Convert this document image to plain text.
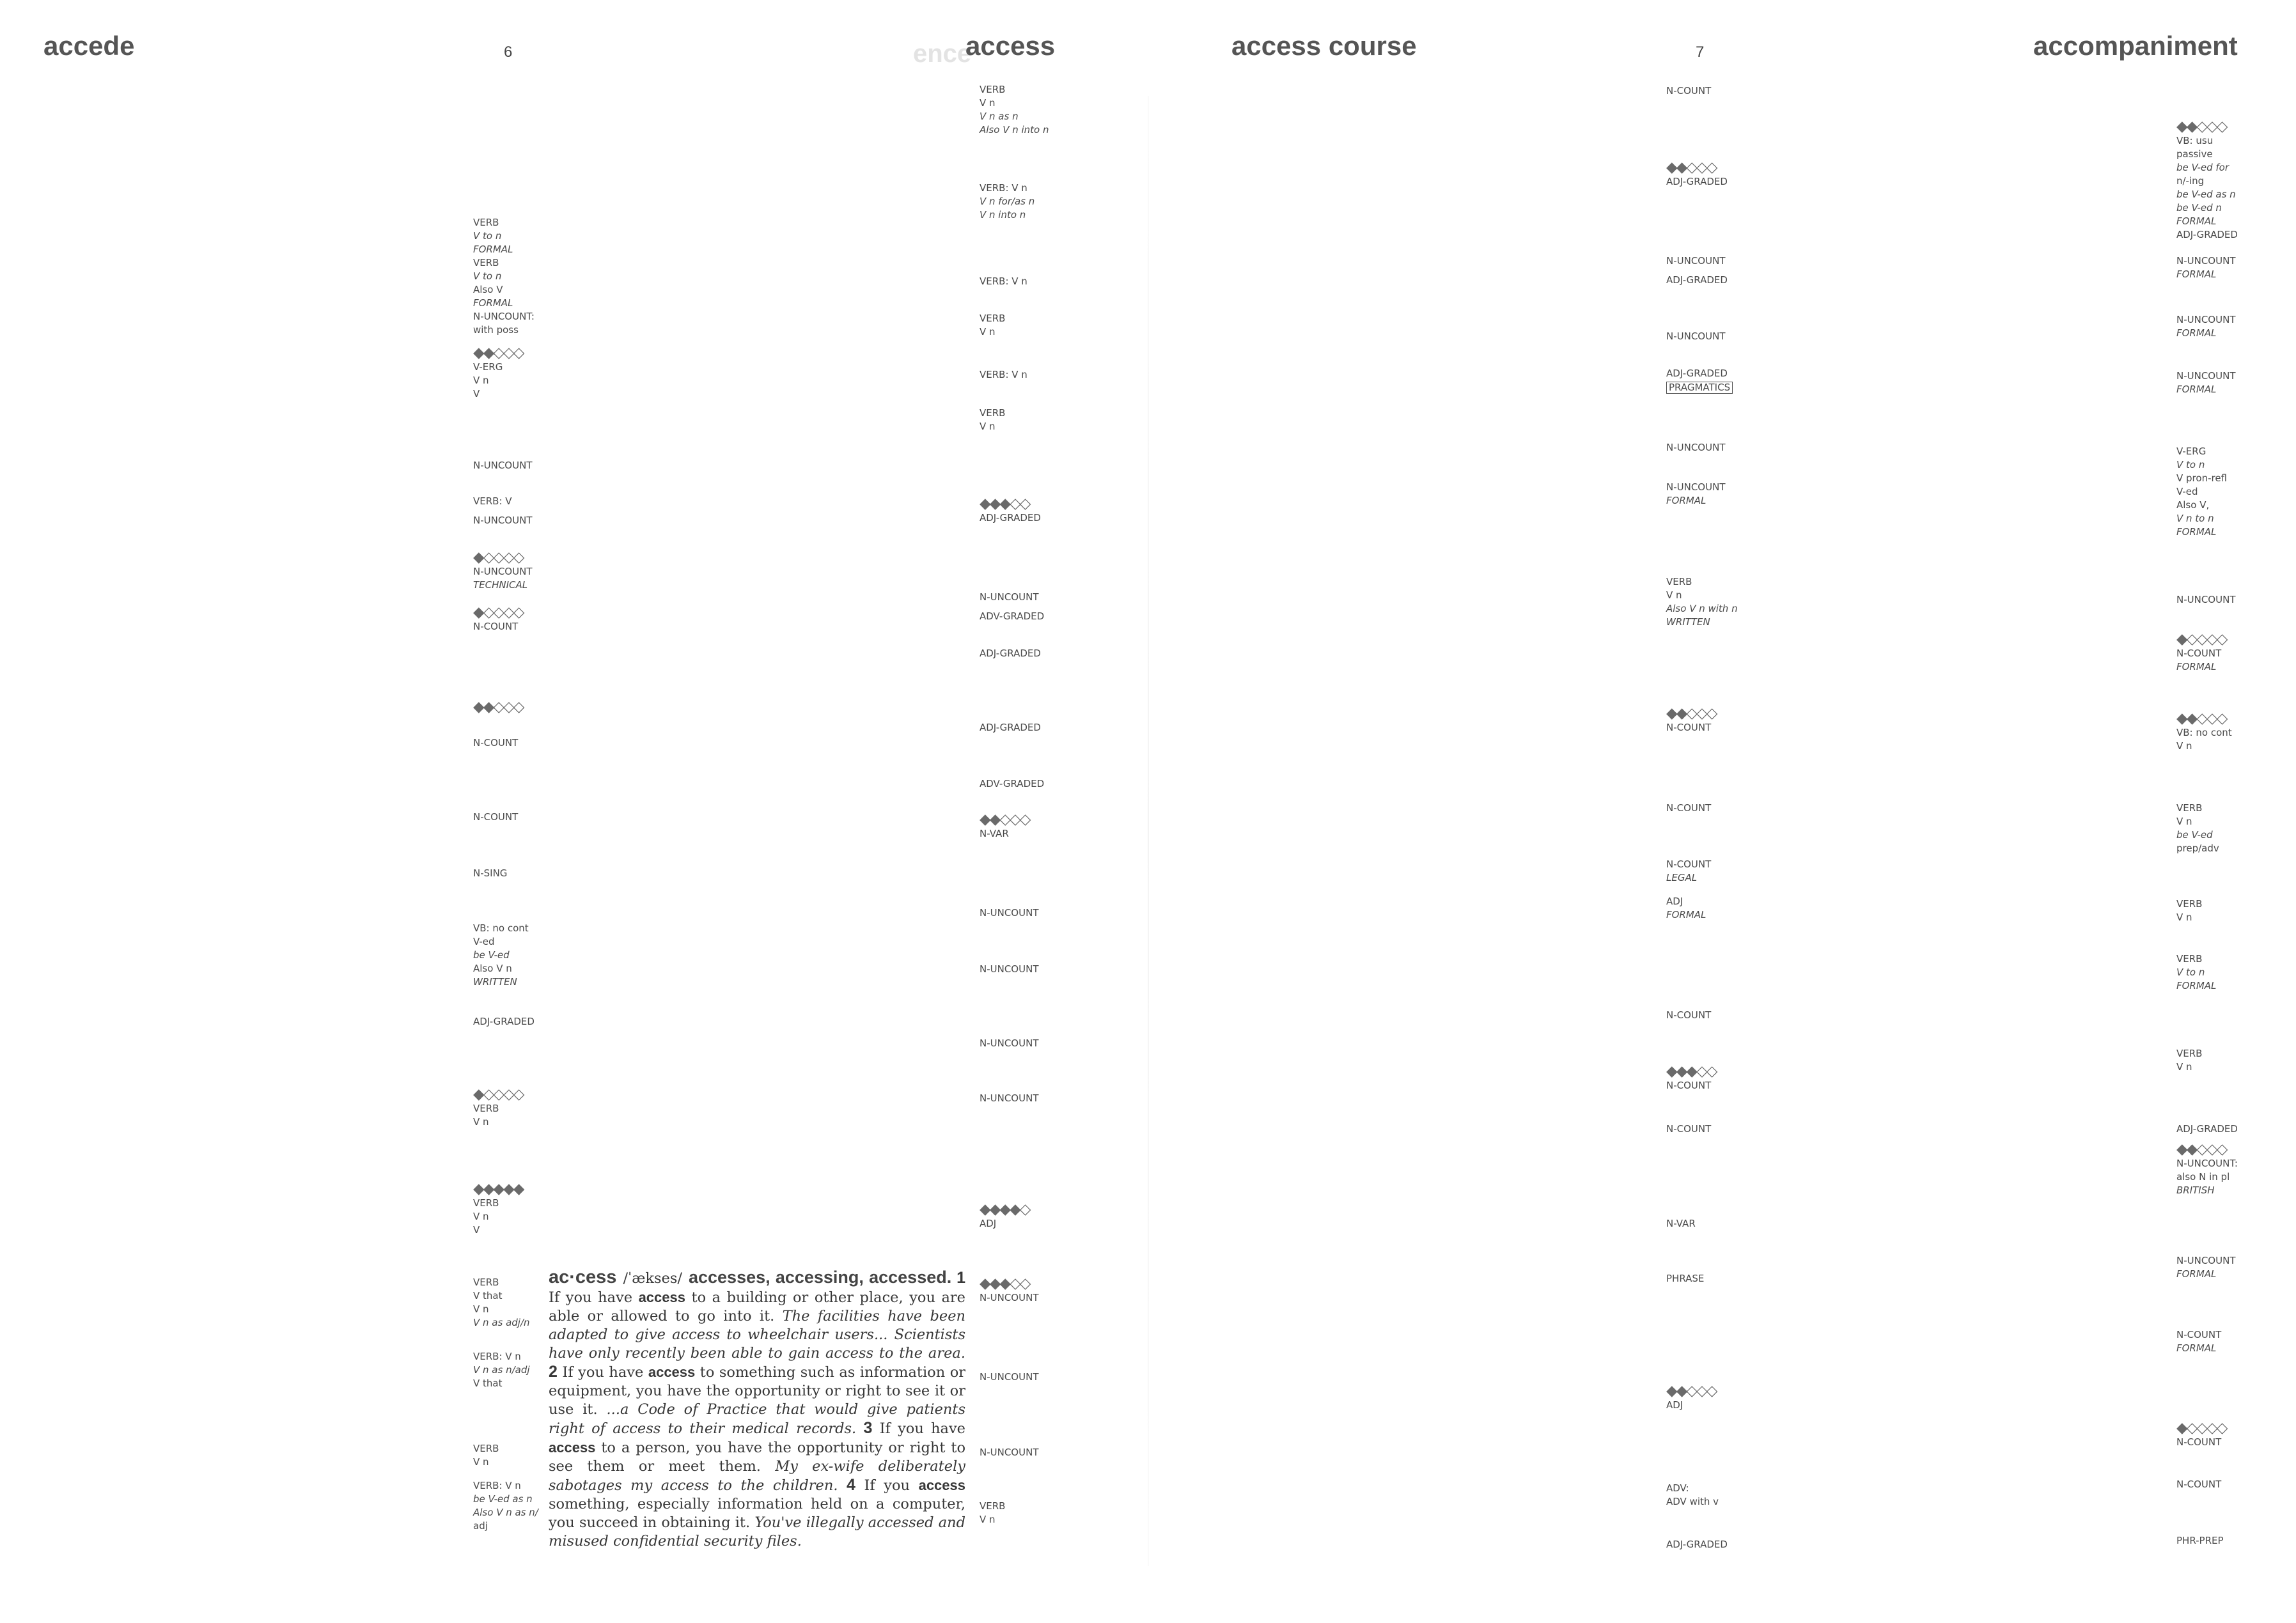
accede	6	ence
access	access course	7	accompaniment
VERB
V to n
FORMAL
VERB
V to n
Also V
FORMAL
N-UNCOUNT:
with poss
◆◆◇◇◇
V-ERG
V n
V
N-UNCOUNT
VERB: V
N-UNCOUNT
◆◇◇◇◇
N-UNCOUNT
TECHNICAL
◆◇◇◇◇
N-COUNT
◆◆◇◇◇
N-COUNT
N-COUNT
N-SING
VB: no cont
V-ed
be V-ed
Also V n
WRITTEN
ADJ-GRADED
◆◇◇◇◇
VERB
V n
◆◆◆◆◆
VERB
V n
V
VERB
V that
V n
V n as adj/n
VERB: V n
V n as n/adj
V that
VERB
V n
VERB: V n
be V-ed as n
Also V n as n/
adj
VERB
V n
V n as n
Also V n into n
VERB: V n
V n for/as n
V n into n
VERB: V n
VERB
V n
VERB: V n
VERB
V n
◆◆◆◇◇
ADJ-GRADED
N-UNCOUNT
ADV-GRADED
ADJ-GRADED
ADJ-GRADED
ADV-GRADED
◆◆◇◇◇
N-VAR
N-UNCOUNT
N-UNCOUNT
N-UNCOUNT
N-UNCOUNT
◆◆◆◆◇
ADJ
◆◆◆◇◇
N-UNCOUNT
N-UNCOUNT
N-UNCOUNT
VERB
V n
N-COUNT
◆◆◇◇◇
ADJ-GRADED
N-UNCOUNT
ADJ-GRADED
N-UNCOUNT
ADJ-GRADED
PRAGMATICS

N-UNCOUNT
N-UNCOUNT
FORMAL
VERB
V n
Also V n with n
WRITTEN
◆◆◇◇◇
N-COUNT
N-COUNT
N-COUNT
LEGAL
ADJ
FORMAL
N-COUNT
◆◆◆◇◇
N-COUNT
N-COUNT
N-VAR
PHRASE
◆◆◇◇◇
ADJ
ADV:
ADV with v
ADJ-GRADED
◆◆◇◇◇
VB: usu
passive
be V-ed for
n/-ing
be V-ed as n
be V-ed n
FORMAL
ADJ-GRADED
N-UNCOUNT
FORMAL
N-UNCOUNT
FORMAL
N-UNCOUNT
FORMAL
V-ERG
V to n
V pron-refl
V-ed
Also V,
V n to n
FORMAL
N-UNCOUNT
◆◇◇◇◇
N-COUNT
FORMAL
◆◆◇◇◇
VB: no cont
V n
VERB
V n
be V-ed
prep/adv
VERB
V n
VERB
V to n
FORMAL
VERB
V n
ADJ-GRADED
◆◆◇◇◇
N-UNCOUNT:
also N in pl
BRITISH
N-UNCOUNT
FORMAL
N-COUNT
FORMAL
◆◇◇◇◇
N-COUNT
N-COUNT
PHR-PREP
ac·cess /ˈækses/ accesses, accessing, accessed. 1 If you have access to a building or other place, you are able or allowed to go into it. The facilities have been adapted to give access to wheelchair users... Scientists have only recently been able to gain access to the area. 2 If you have access to something such as information or equipment, you have the opportunity or right to see it or use it. ...a Code of Practice that would give patients right of access to their medical records. 3 If you have access to a person, you have the opportunity or right to see them or meet them. My ex-wife deliberately sabotages my access to the children. 4 If you access something, especially information held on a computer, you succeed in obtaining it. You've illegally accessed and misused confidential security files.
